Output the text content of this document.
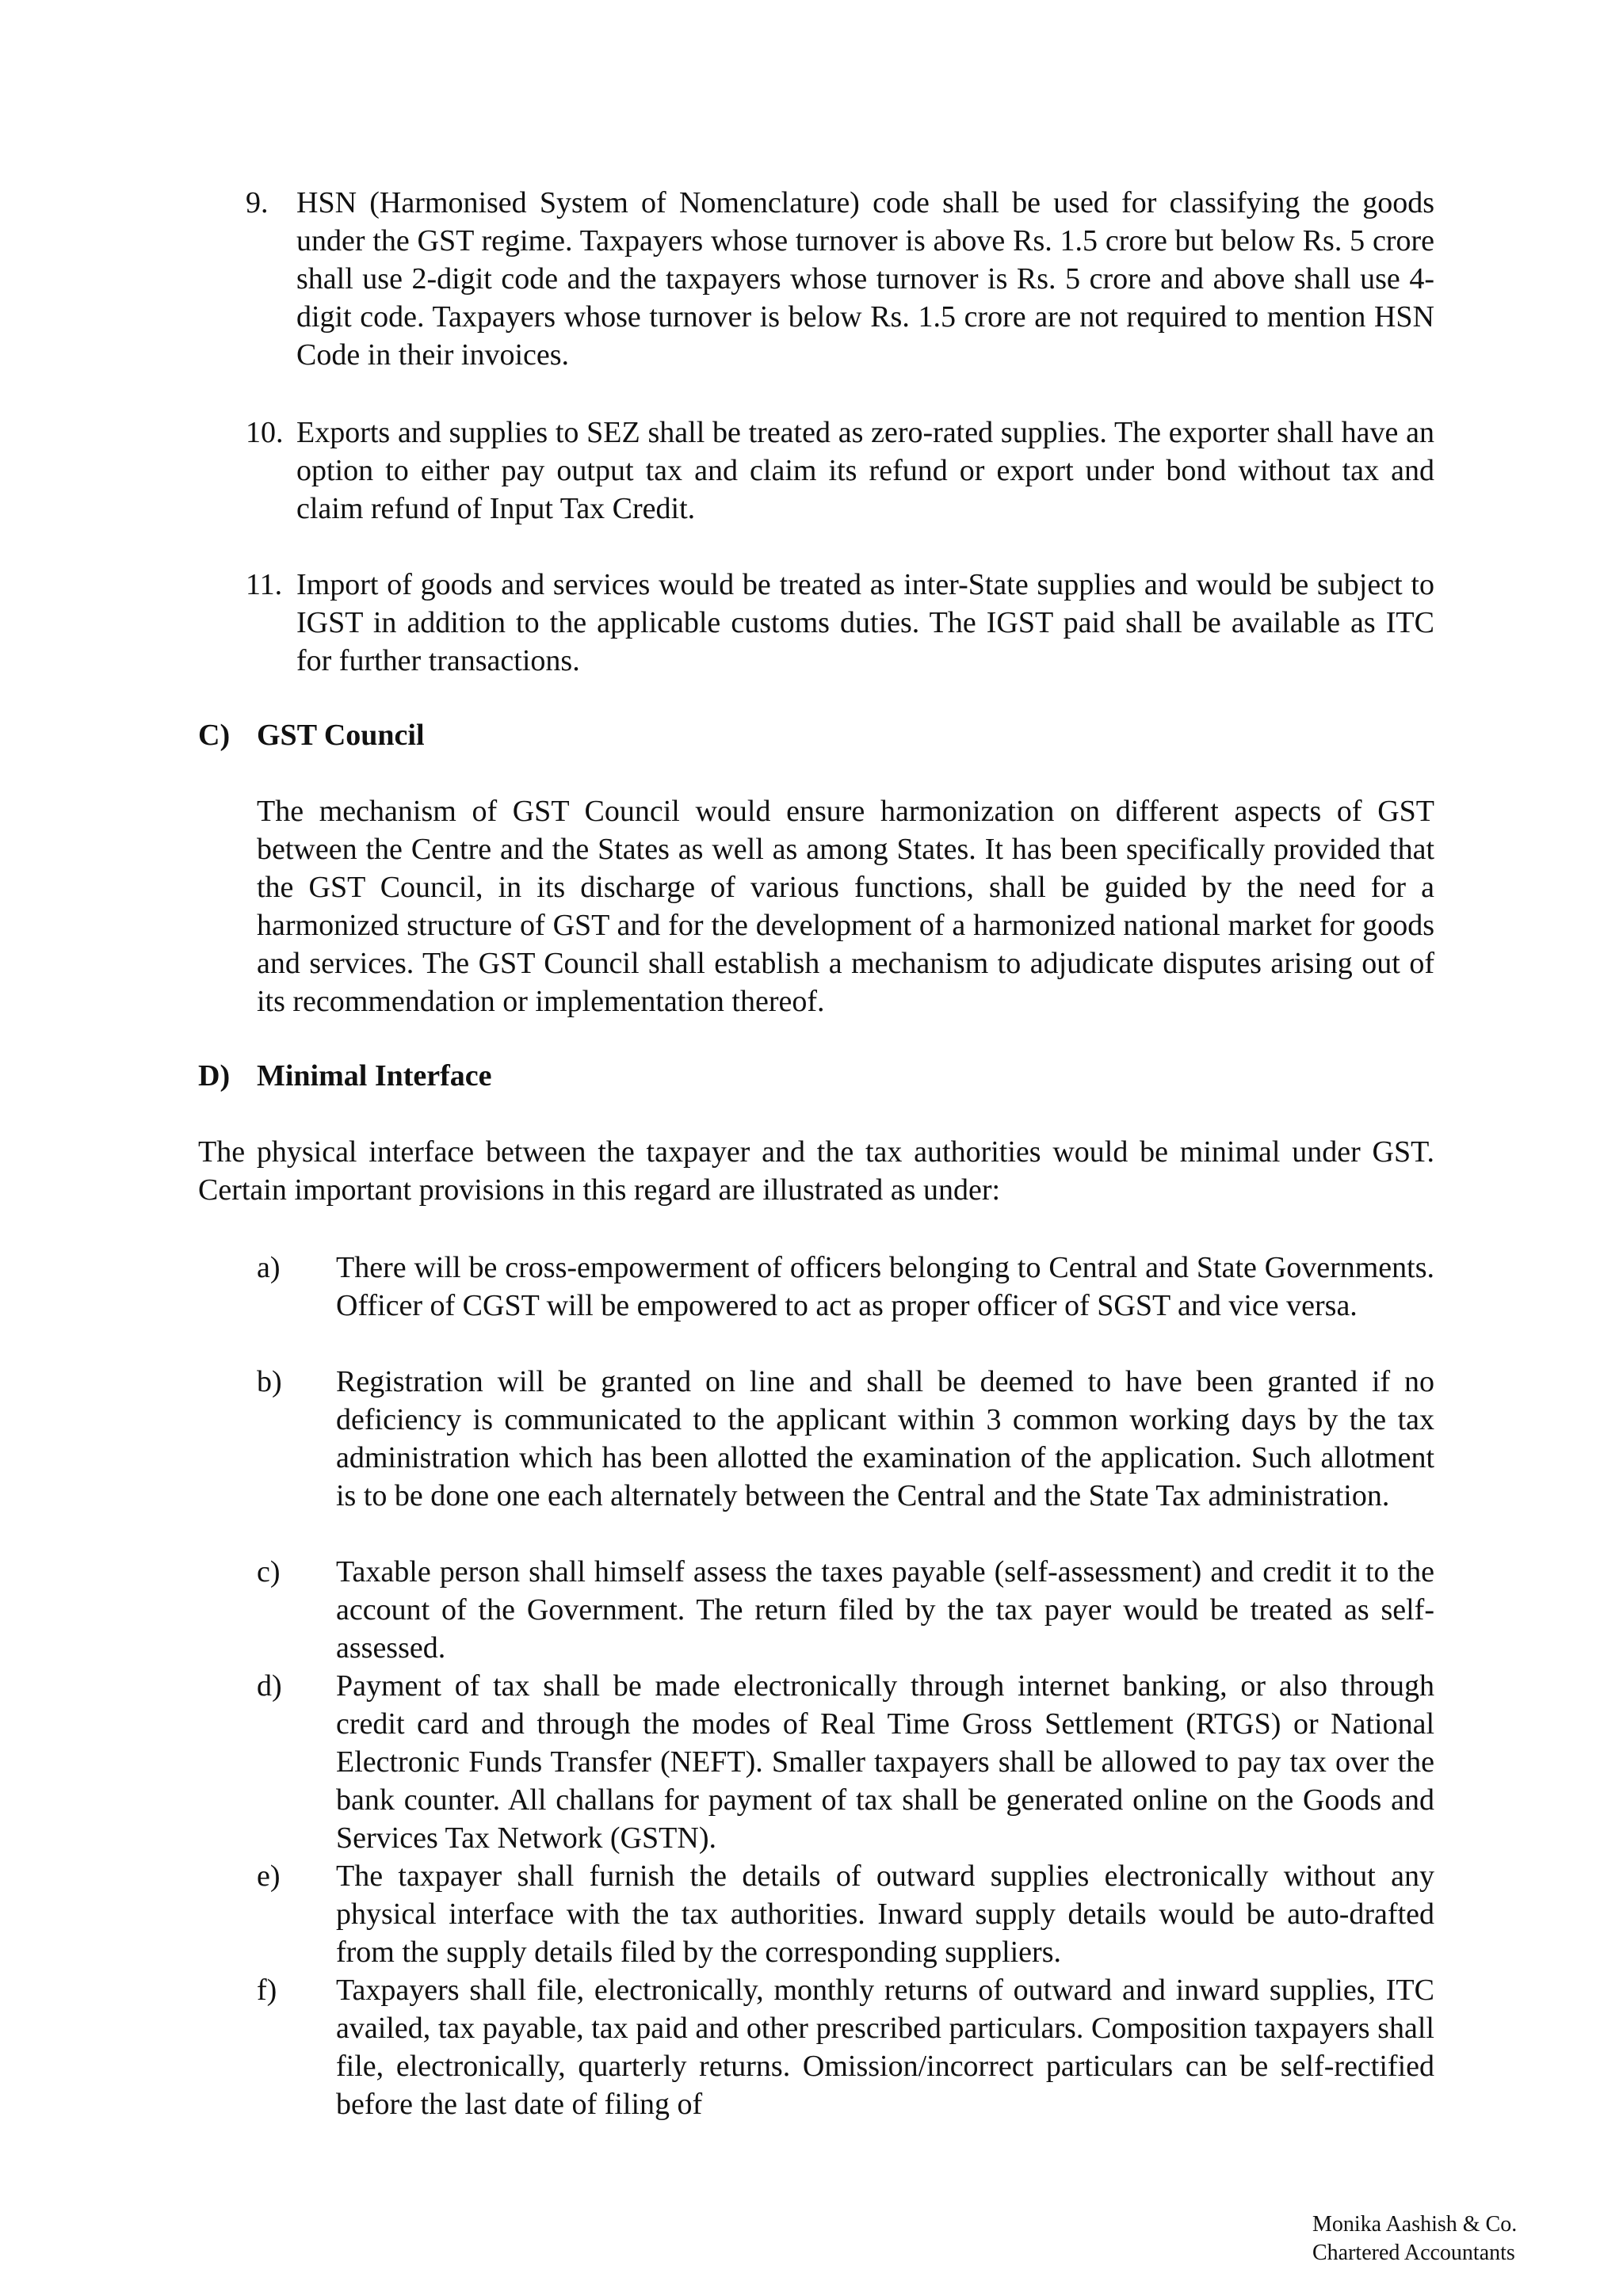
9. HSN (Harmonised System of Nomenclature) code shall be used for classifying the goods under the GST regime. Taxpayers whose turnover is above Rs. 1.5 crore but below Rs. 5 crore shall use 2-digit code and the taxpayers whose turnover is Rs. 5 crore and above shall use 4-digit code. Taxpayers whose turnover is below Rs. 1.5 crore are not required to mention HSN Code in their invoices.

10. Exports and supplies to SEZ shall be treated as zero-rated supplies. The exporter shall have an option to either pay output tax and claim its refund or export under bond without tax and claim refund of Input Tax Credit.

11. Import of goods and services would be treated as inter-State supplies and would be subject to IGST in addition to the applicable customs duties. The IGST paid shall be available as ITC for further transactions.

C) GST Council

The mechanism of GST Council would ensure harmonization on different aspects of GST between the Centre and the States as well as among States. It has been specifically provided that the GST Council, in its discharge of various functions, shall be guided by the need for a harmonized structure of GST and for the development of a harmonized national market for goods and services. The GST Council shall establish a mechanism to adjudicate disputes arising out of its recommendation or implementation thereof.

D) Minimal Interface

The physical interface between the taxpayer and the tax authorities would be minimal under GST. Certain important provisions in this regard are illustrated as under:

a) There will be cross-empowerment of officers belonging to Central and State Governments. Officer of CGST will be empowered to act as proper officer of SGST and vice versa.

b) Registration will be granted on line and shall be deemed to have been granted if no deficiency is communicated to the applicant within 3 common working days by the tax administration which has been allotted the examination of the application. Such allotment is to be done one each alternately between the Central and the State Tax administration.

c) Taxable person shall himself assess the taxes payable (self-assessment) and credit it to the account of the Government. The return filed by the tax payer would be treated as self-assessed.

d) Payment of tax shall be made electronically through internet banking, or also through credit card and through the modes of Real Time Gross Settlement (RTGS) or National Electronic Funds Transfer (NEFT). Smaller taxpayers shall be allowed to pay tax over the bank counter. All challans for payment of tax shall be generated online on the Goods and Services Tax Network (GSTN).

e) The taxpayer shall furnish the details of outward supplies electronically without any physical interface with the tax authorities. Inward supply details would be auto-drafted from the supply details filed by the corresponding suppliers.

f) Taxpayers shall file, electronically, monthly returns of outward and inward supplies, ITC availed, tax payable, tax paid and other prescribed particulars. Composition taxpayers shall file, electronically, quarterly returns. Omission/incorrect particulars can be self-rectified before the last date of filing of

Monika Aashish & Co.
Chartered Accountants
